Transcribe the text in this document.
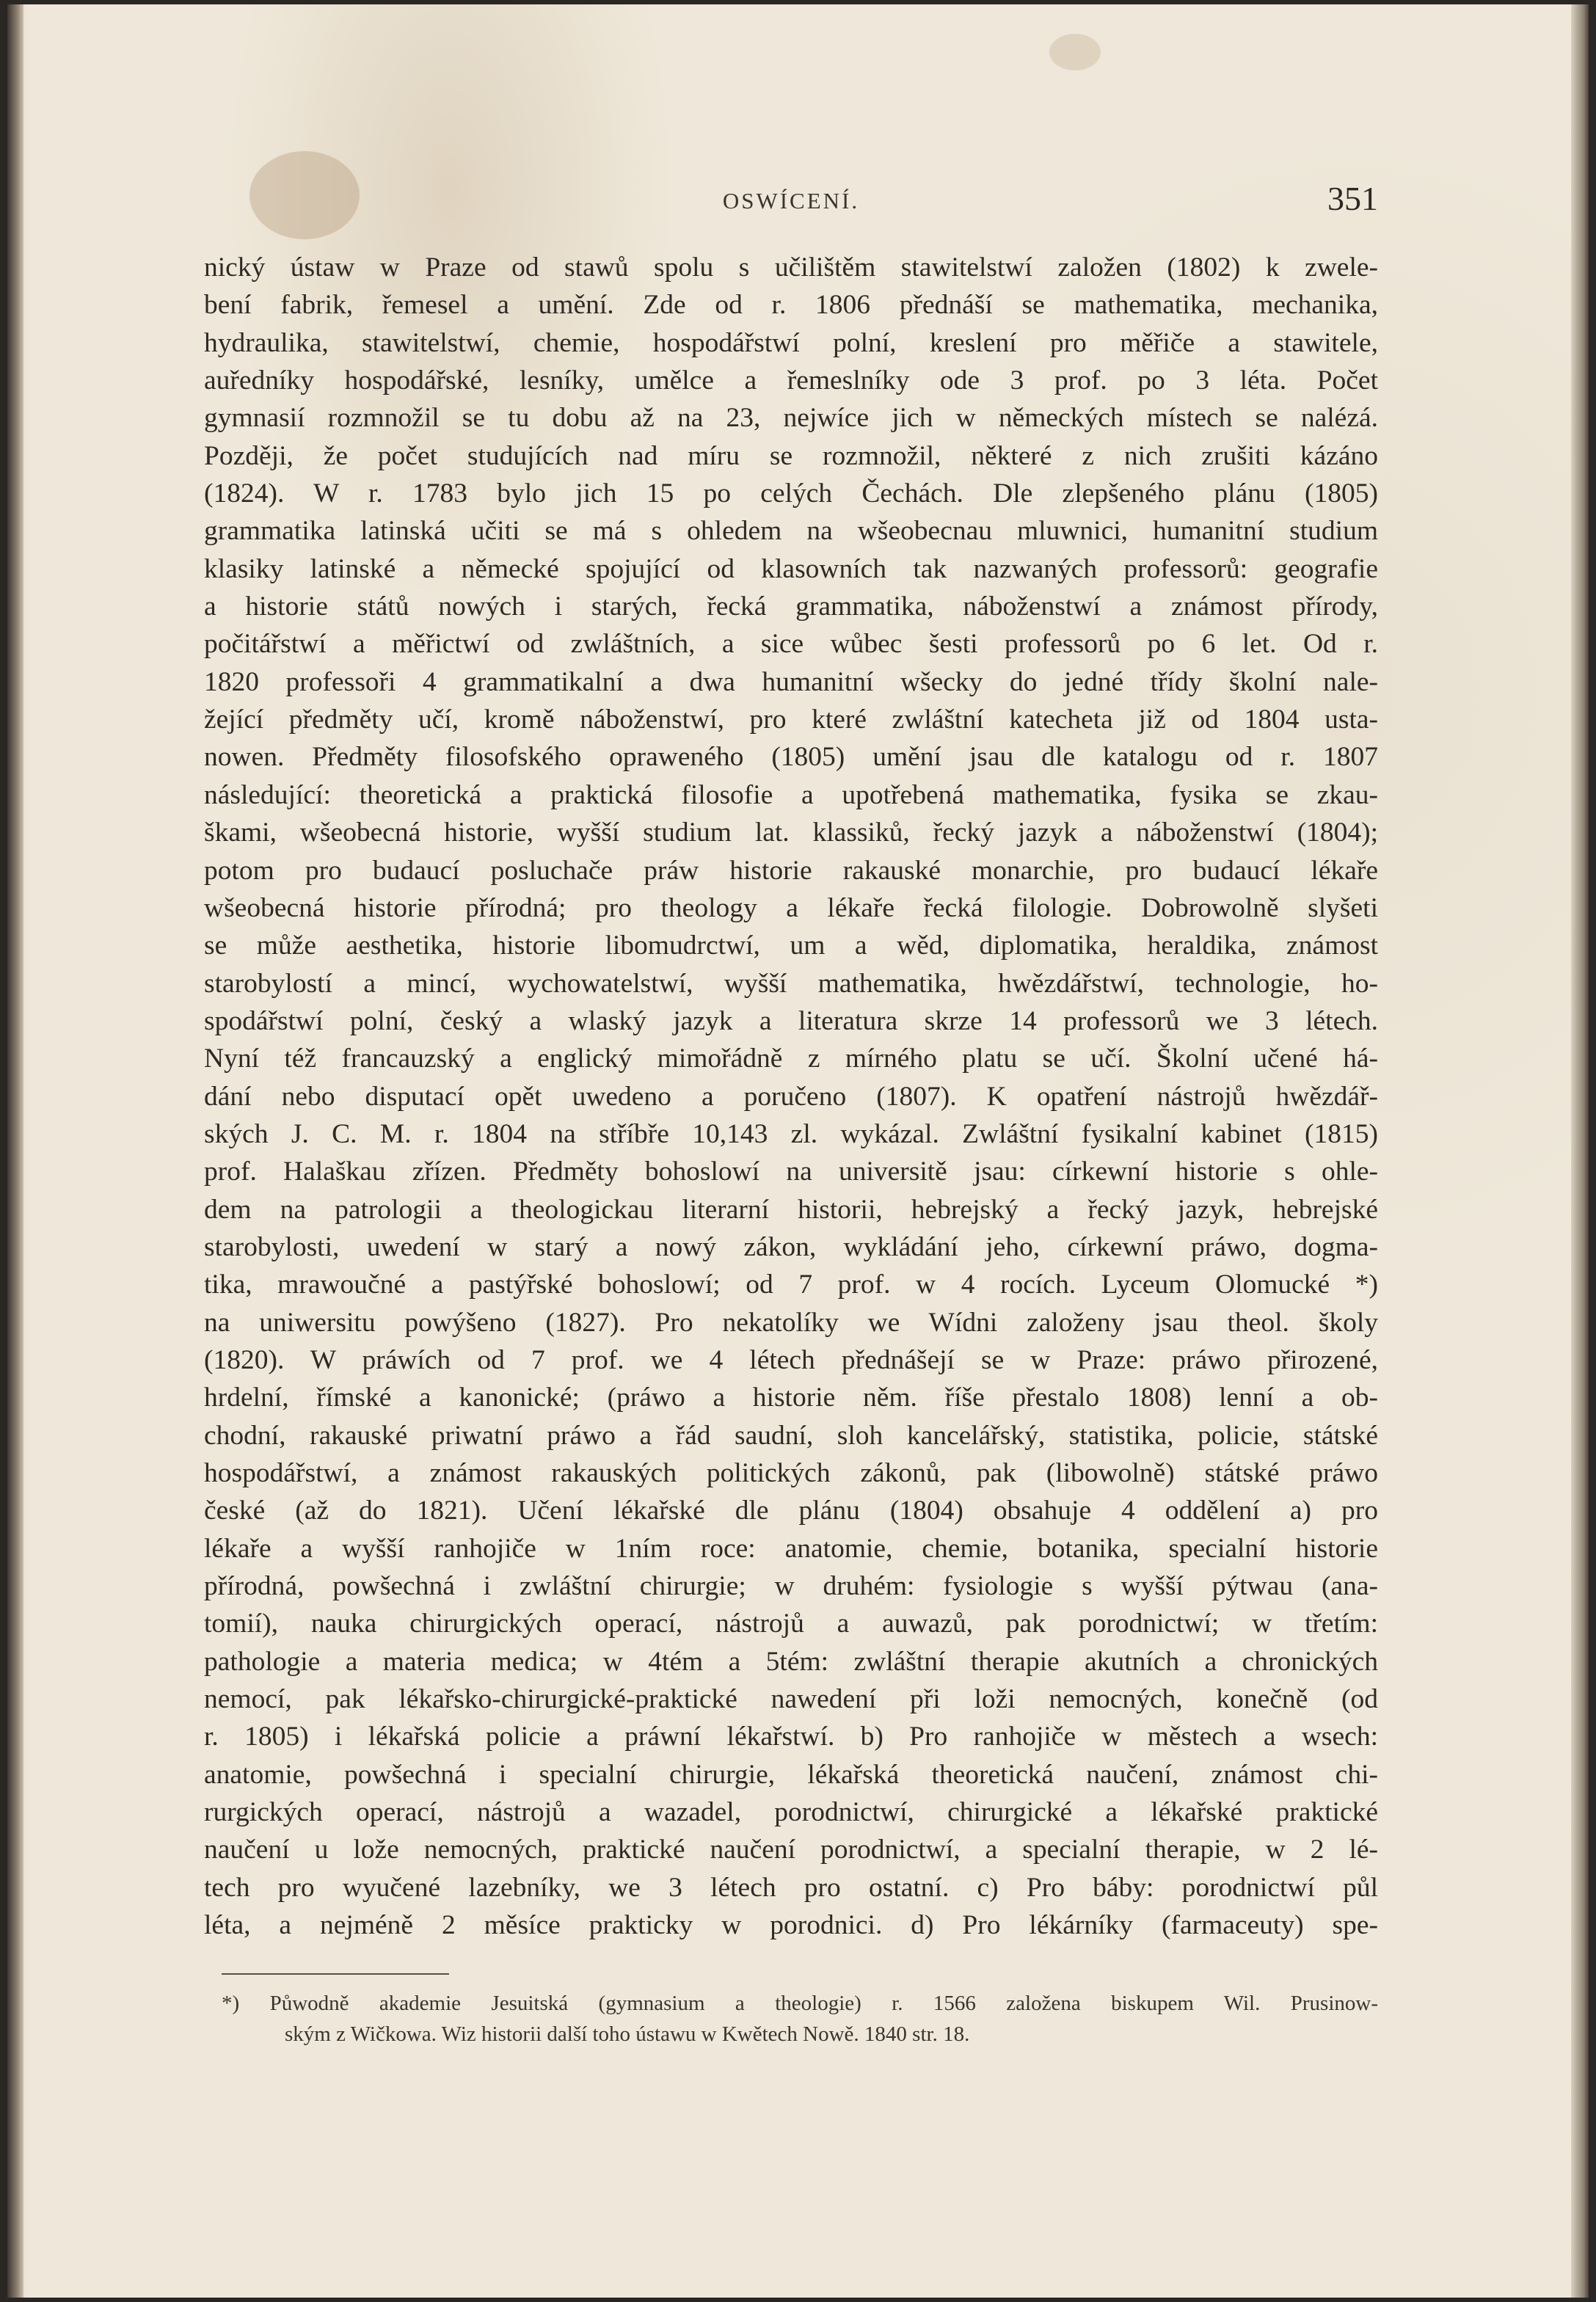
OSWÍCENÍ.	351
nický ústaw w Praze od stawů spolu s učilištěm stawitelstwí založen (1802) k zwele-
bení fabrik, řemesel a umění. Zde od r. 1806 přednáší se mathematika, mechanika,
hydraulika, stawitelstwí, chemie, hospodářstwí polní, kreslení pro měřiče a stawitele,
auředníky hospodářské, lesníky, umělce a řemeslníky ode 3 prof. po 3 léta. Počet
gymnasií rozmnožil se tu dobu až na 23, nejwíce jich w německých místech se nalézá.
Později, že počet studujících nad míru se rozmnožil, některé z nich zrušiti kázáno
(1824). W r. 1783 bylo jich 15 po celých Čechách. Dle zlepšeného plánu (1805)
grammatika latinská učiti se má s ohledem na wšeobecnau mluwnici, humanitní studium
klasiky latinské a německé spojující od klasowních tak nazwaných professorů: geografie
a historie států nowých i starých, řecká grammatika, náboženstwí a známost přírody,
počitářstwí a měřictwí od zwláštních, a sice wůbec šesti professorů po 6 let. Od r.
1820 professoři 4 grammatikalní a dwa humanitní wšecky do jedné třídy školní nale-
žející předměty učí, kromě náboženstwí, pro které zwláštní katecheta již od 1804 usta-
nowen. Předměty filosofského opraweného (1805) umění jsau dle katalogu od r. 1807
následující: theoretická a praktická filosofie a upotřebená mathematika, fysika se zkau-
škami, wšeobecná historie, wyšší studium lat. klassiků, řecký jazyk a náboženstwí (1804);
potom pro budaucí posluchače práw historie rakauské monarchie, pro budaucí lékaře
wšeobecná historie přírodná; pro theology a lékaře řecká filologie. Dobrowolně slyšeti
se může aesthetika, historie libomudrctwí, um a wěd, diplomatika, heraldika, známost
starobylostí a mincí, wychowatelstwí, wyšší mathematika, hwězdářstwí, technologie, ho-
spodářstwí polní, český a wlaský jazyk a literatura skrze 14 professorů we 3 létech.
Nyní též francauzský a englický mimořádně z mírného platu se učí. Školní učené há-
dání nebo disputací opět uwedeno a poručeno (1807). K opatření nástrojů hwězdář-
ských J. C. M. r. 1804 na stříbře 10,143 zl. wykázal. Zwláštní fysikalní kabinet (1815)
prof. Halaškau zřízen. Předměty bohoslowí na universitě jsau: církewní historie s ohle-
dem na patrologii a theologickau literarní historii, hebrejský a řecký jazyk, hebrejské
starobylosti, uwedení w starý a nowý zákon, wykládání jeho, církewní práwo, dogma-
tika, mrawoučné a pastýřské bohoslowí; od 7 prof. w 4 rocích. Lyceum Olomucké *)
na uniwersitu powýšeno (1827). Pro nekatolíky we Wídni založeny jsau theol. školy
(1820). W práwích od 7 prof. we 4 létech přednášejí se w Praze: práwo přirozené,
hrdelní, římské a kanonické; (práwo a historie něm. říše přestalo 1808) lenní a ob-
chodní, rakauské priwatní práwo a řád saudní, sloh kancelářský, statistika, policie, státské
hospodářstwí, a známost rakauských politických zákonů, pak (libowolně) státské práwo
české (až do 1821). Učení lékařské dle plánu (1804) obsahuje 4 oddělení a) pro
lékaře a wyšší ranhojiče w 1ním roce: anatomie, chemie, botanika, specialní historie
přírodná, powšechná i zwláštní chirurgie; w druhém: fysiologie s wyšší pýtwau (ana-
tomií), nauka chirurgických operací, nástrojů a auwazů, pak porodnictwí; w třetím:
pathologie a materia medica; w 4tém a 5tém: zwláštní therapie akutních a chronických
nemocí, pak lékařsko-chirurgické-praktické nawedení při loži nemocných, konečně (od
r. 1805) i lékařská policie a práwní lékařstwí. b) Pro ranhojiče w městech a wsech:
anatomie, powšechná i specialní chirurgie, lékařská theoretická naučení, známost chi-
rurgických operací, nástrojů a wazadel, porodnictwí, chirurgické a lékařské praktické
naučení u lože nemocných, praktické naučení porodnictwí, a specialní therapie, w 2 lé-
tech pro wyučené lazebníky, we 3 létech pro ostatní. c) Pro báby: porodnictwí půl
léta, a nejméně 2 měsíce prakticky w porodnici. d) Pro lékárníky (farmaceuty) spe-
*) Půwodně akademie Jesuitská (gymnasium a theologie) r. 1566 založena biskupem Wil. Prusinow-
ským z Wičkowa. Wiz historii další toho ústawu w Kwětech Nowě. 1840 str. 18.
